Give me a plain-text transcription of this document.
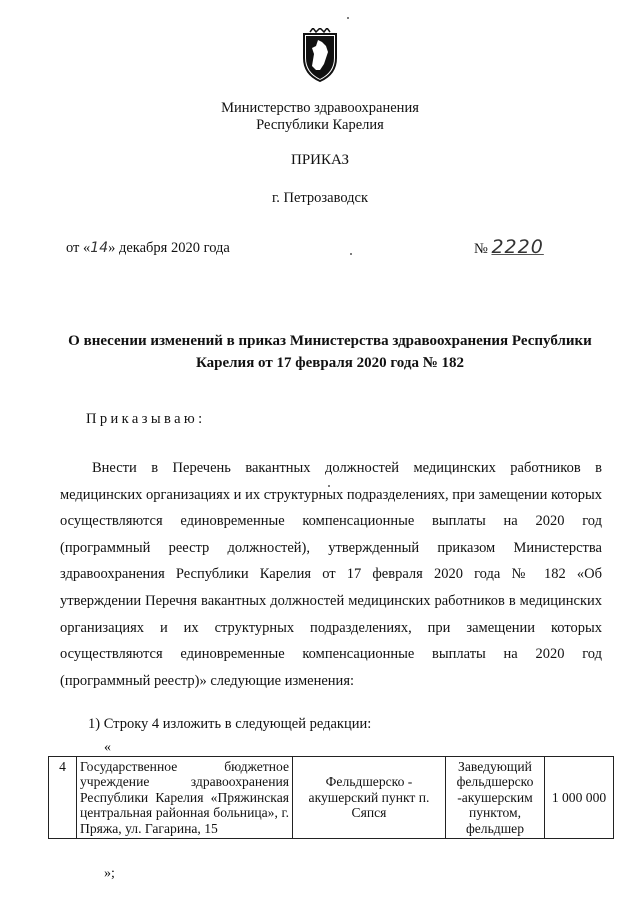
Министерство здравоохранения
Республики Карелия
ПРИКАЗ
г. Петрозаводск
от «14» декабря 2020 года	№ 2220
О внесении изменений в приказ Министерства здравоохранения Республики
Карелия от 17 февраля 2020 года № 182
Приказываю:
Внести в Перечень вакантных должностей медицинских работников в медицинских организациях и их структурных подразделениях, при замещении которых осуществляются единовременные компенсационные выплаты на 2020 год (программный реестр должностей), утвержденный приказом Министерства здравоохранения Республики Карелия от 17 февраля 2020 года № 182 «Об утверждении Перечня вакантных должностей медицинских работников в медицинских организациях и их структурных подразделениях, при замещении которых осуществляются единовременные компенсационные выплаты на 2020 год (программный реестр)» следующие изменения:
1) Строку 4 изложить в следующей редакции:
«
4	Государственное бюджетное учреждение здравоохранения Республики Карелия «Пряжинская центральная районная больница», г. Пряжа, ул. Гагарина, 15	Фельдшерско - акушерский пункт п. Сяпся	Заведующий фельдшерско -акушерским пунктом, фельдшер	1 000 000
»;
